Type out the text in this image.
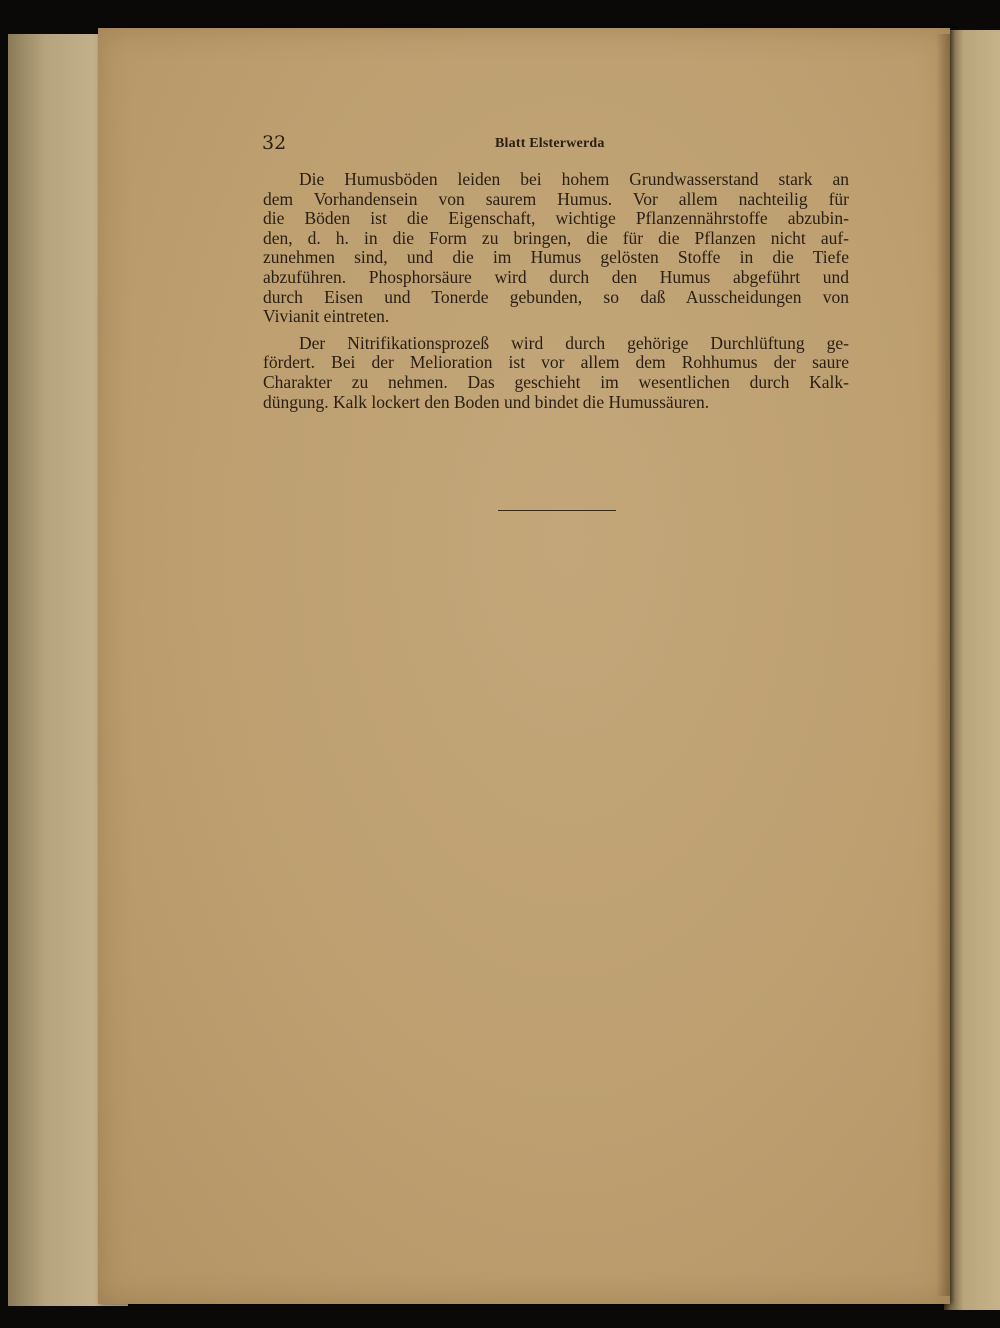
32	Blatt Elsterwerda
Die Humusböden leiden bei hohem Grundwasserstand stark an
dem Vorhandensein von saurem Humus. Vor allem nachteilig für
die Böden ist die Eigenschaft, wichtige Pflanzennährstoffe abzubin-
den, d. h. in die Form zu bringen, die für die Pflanzen nicht auf-
zunehmen sind, und die im Humus gelösten Stoffe in die Tiefe
abzuführen. Phosphorsäure wird durch den Humus abgeführt und
durch Eisen und Tonerde gebunden, so daß Ausscheidungen von
Vivianit eintreten.
Der Nitrifikationsprozeß wird durch gehörige Durchlüftung ge-
fördert. Bei der Melioration ist vor allem dem Rohhumus der saure
Charakter zu nehmen. Das geschieht im wesentlichen durch Kalk-
düngung. Kalk lockert den Boden und bindet die Humussäuren.
